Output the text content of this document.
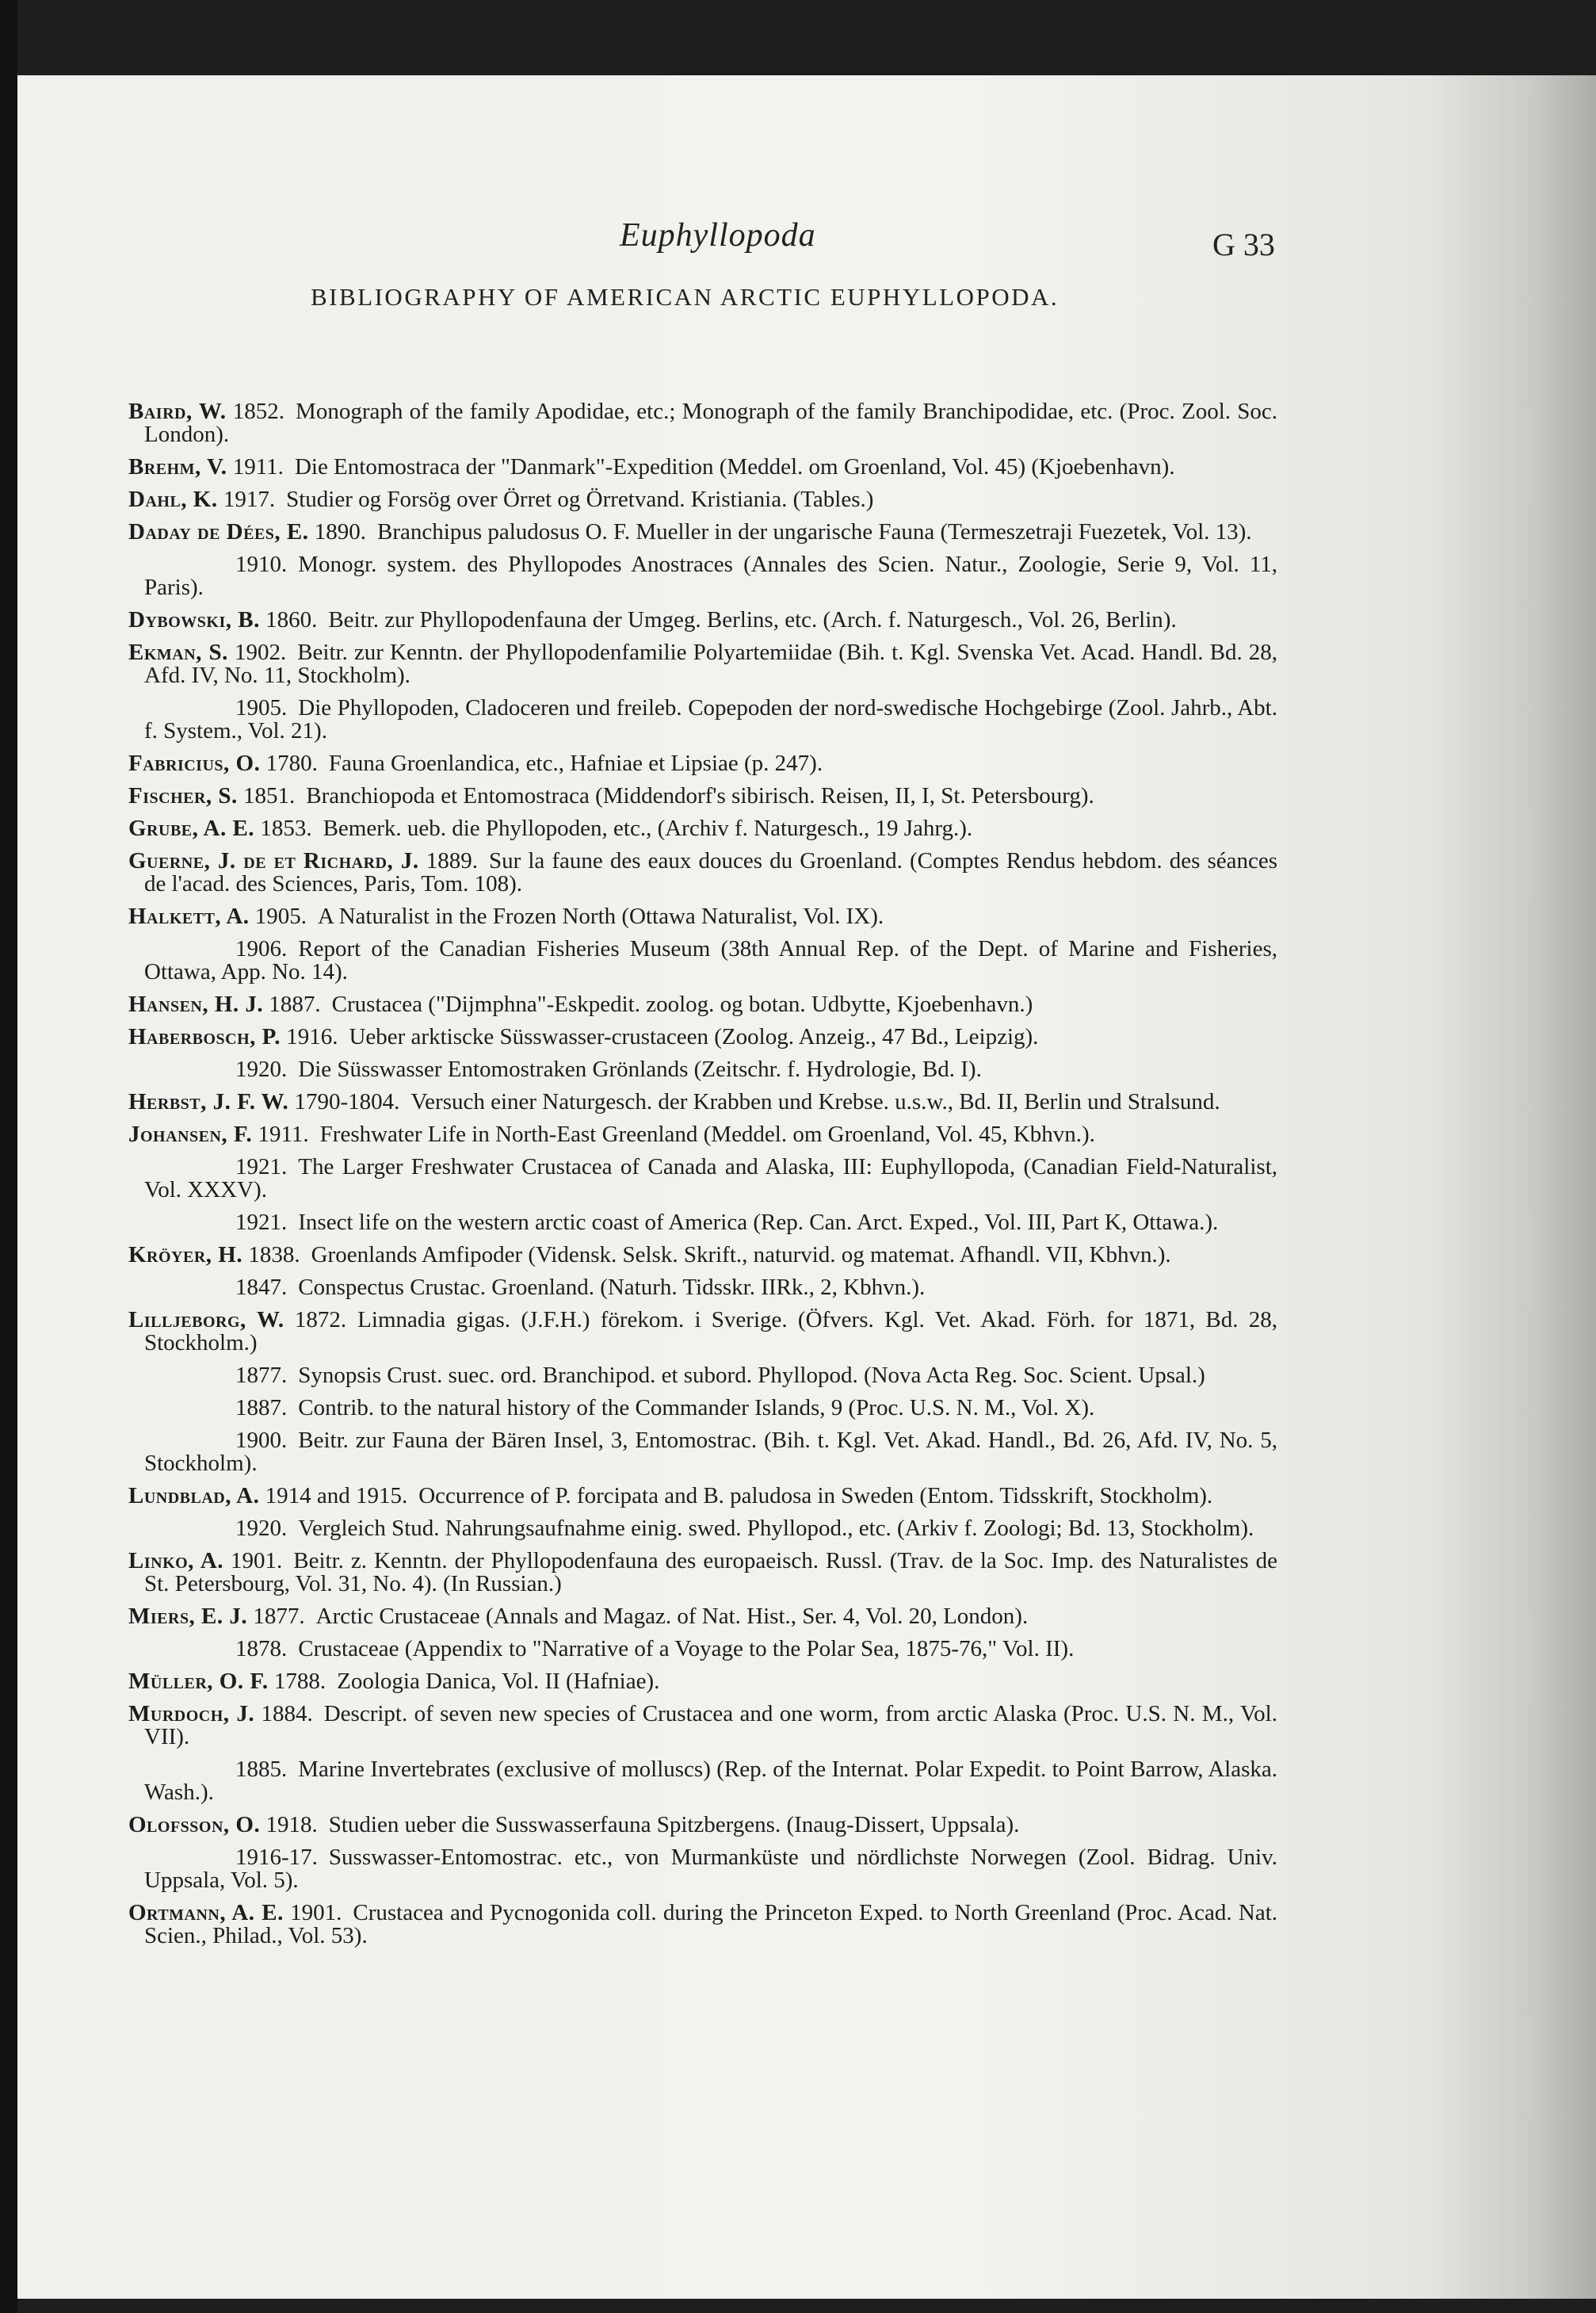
Euphyllopoda	G 33
BIBLIOGRAPHY OF AMERICAN ARCTIC EUPHYLLOPODA.
Baird, W. 1852. Monograph of the family Apodidae, etc.; Monograph of the family Branchipodidae, etc. (Proc. Zool. Soc. London).
Brehm, V. 1911. Die Entomostraca der "Danmark"-Expedition (Meddel. om Groenland, Vol. 45) (Kjoebenhavn).
Dahl, K. 1917. Studier og Forsög over Örret og Örretvand. Kristiania. (Tables.)
Daday de Dées, E. 1890. Branchipus paludosus O. F. Mueller in der ungarische Fauna (Termeszetraji Fuezetek, Vol. 13).
1910. Monogr. system. des Phyllopodes Anostraces (Annales des Scien. Natur., Zoologie, Serie 9, Vol. 11, Paris).
Dybowski, B. 1860. Beitr. zur Phyllopodenfauna der Umgeg. Berlins, etc. (Arch. f. Naturgesch., Vol. 26, Berlin).
Ekman, S. 1902. Beitr. zur Kenntn. der Phyllopodenfamilie Polyartemiidae (Bih. t. Kgl. Svenska Vet. Acad. Handl. Bd. 28, Afd. IV, No. 11, Stockholm).
1905. Die Phyllopoden, Cladoceren und freileb. Copepoden der nord-swedische Hochgebirge (Zool. Jahrb., Abt. f. System., Vol. 21).
Fabricius, O. 1780. Fauna Groenlandica, etc., Hafniae et Lipsiae (p. 247).
Fischer, S. 1851. Branchiopoda et Entomostraca (Middendorf's sibirisch. Reisen, II, I, St. Petersbourg).
Grube, A. E. 1853. Bemerk. ueb. die Phyllopoden, etc., (Archiv f. Naturgesch., 19 Jahrg.).
Guerne, J. de et Richard, J. 1889. Sur la faune des eaux douces du Groenland. (Comptes Rendus hebdom. des séances de l'acad. des Sciences, Paris, Tom. 108).
Halkett, A. 1905. A Naturalist in the Frozen North (Ottawa Naturalist, Vol. IX).
1906. Report of the Canadian Fisheries Museum (38th Annual Rep. of the Dept. of Marine and Fisheries, Ottawa, App. No. 14).
Hansen, H. J. 1887. Crustacea ("Dijmphna"-Eskpedit. zoolog. og botan. Udbytte, Kjoebenhavn.)
Haberbosch, P. 1916. Ueber arktiscke Süsswasser-crustaceen (Zoolog. Anzeig., 47 Bd., Leipzig).
1920. Die Süsswasser Entomostraken Grönlands (Zeitschr. f. Hydrologie, Bd. I).
Herbst, J. F. W. 1790-1804. Versuch einer Naturgesch. der Krabben und Krebse. u.s.w., Bd. II, Berlin und Stralsund.
Johansen, F. 1911. Freshwater Life in North-East Greenland (Meddel. om Groenland, Vol. 45, Kbhvn.).
1921. The Larger Freshwater Crustacea of Canada and Alaska, III: Euphyllopoda, (Canadian Field-Naturalist, Vol. XXXV).
1921. Insect life on the western arctic coast of America (Rep. Can. Arct. Exped., Vol. III, Part K, Ottawa.).
Kröyer, H. 1838. Groenlands Amfipoder (Vidensk. Selsk. Skrift., naturvid. og matemat. Afhandl. VII, Kbhvn.).
1847. Conspectus Crustac. Groenland. (Naturh. Tidsskr. IIRk., 2, Kbhvn.).
Lilljeborg, W. 1872. Limnadia gigas. (J.F.H.) förekom. i Sverige. (Öfvers. Kgl. Vet. Akad. Förh. for 1871, Bd. 28, Stockholm.)
1877. Synopsis Crust. suec. ord. Branchipod. et subord. Phyllopod. (Nova Acta Reg. Soc. Scient. Upsal.)
1887. Contrib. to the natural history of the Commander Islands, 9 (Proc. U.S. N. M., Vol. X).
1900. Beitr. zur Fauna der Bären Insel, 3, Entomostrac. (Bih. t. Kgl. Vet. Akad. Handl., Bd. 26, Afd. IV, No. 5, Stockholm).
Lundblad, A. 1914 and 1915. Occurrence of P. forcipata and B. paludosa in Sweden (Entom. Tidsskrift, Stockholm).
1920. Vergleich Stud. Nahrungsaufnahme einig. swed. Phyllopod., etc. (Arkiv f. Zoologi; Bd. 13, Stockholm).
Linko, A. 1901. Beitr. z. Kenntn. der Phyllopodenfauna des europaeisch. Russl. (Trav. de la Soc. Imp. des Naturalistes de St. Petersbourg, Vol. 31, No. 4). (In Russian.)
Miers, E. J. 1877. Arctic Crustaceae (Annals and Magaz. of Nat. Hist., Ser. 4, Vol. 20, London).
1878. Crustaceae (Appendix to "Narrative of a Voyage to the Polar Sea, 1875-76," Vol. II).
Müller, O. F. 1788. Zoologia Danica, Vol. II (Hafniae).
Murdoch, J. 1884. Descript. of seven new species of Crustacea and one worm, from arctic Alaska (Proc. U.S. N. M., Vol. VII).
1885. Marine Invertebrates (exclusive of molluscs) (Rep. of the Internat. Polar Expedit. to Point Barrow, Alaska. Wash.).
Olofsson, O. 1918. Studien ueber die Susswasserfauna Spitzbergens. (Inaug-Dissert, Uppsala).
1916-17. Susswasser-Entomostrac. etc., von Murmanküste und nördlichste Norwegen (Zool. Bidrag. Univ. Uppsala, Vol. 5).
Ortmann, A. E. 1901. Crustacea and Pycnogonida coll. during the Princeton Exped. to North Greenland (Proc. Acad. Nat. Scien., Philad., Vol. 53).
